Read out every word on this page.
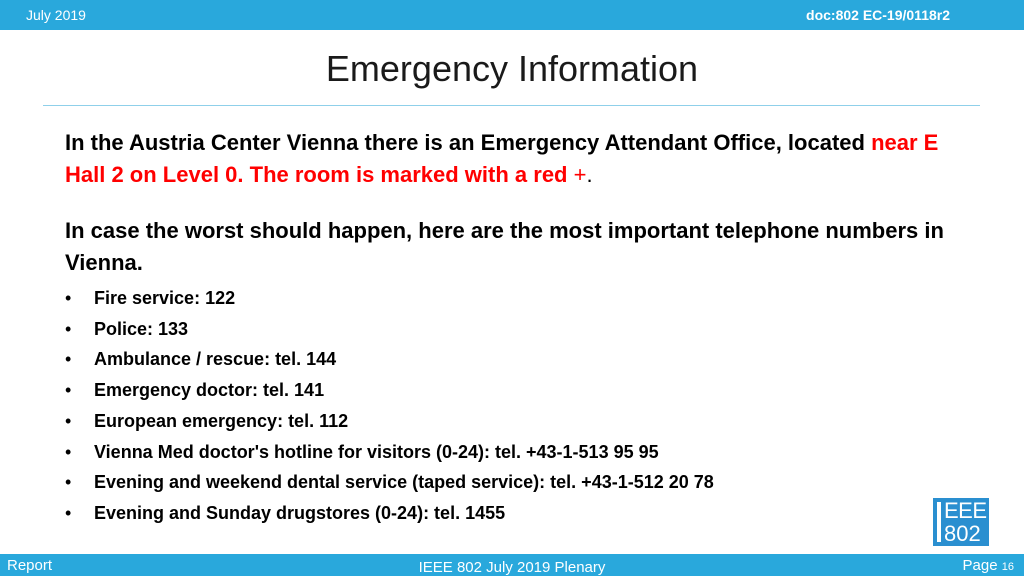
July 2019	doc:802 EC-19/0118r2
Emergency Information
In the Austria Center Vienna there is an Emergency Attendant Office, located near E Hall 2 on Level 0. The room is marked with a red +.
In case the worst should happen, here are the most important telephone numbers in Vienna.
• Fire service: 122
• Police: 133
• Ambulance / rescue: tel. 144
• Emergency doctor: tel. 141
• European emergency: tel. 112
• Vienna Med doctor's hotline for visitors (0-24): tel. +43-1-513 95 95
• Evening and weekend dental service (taped service): tel. +43-1-512 20 78
• Evening and Sunday drugstores (0-24): tel. 1455	EEE
802
Report	IEEE 802 July 2019 Plenary	Page 16
